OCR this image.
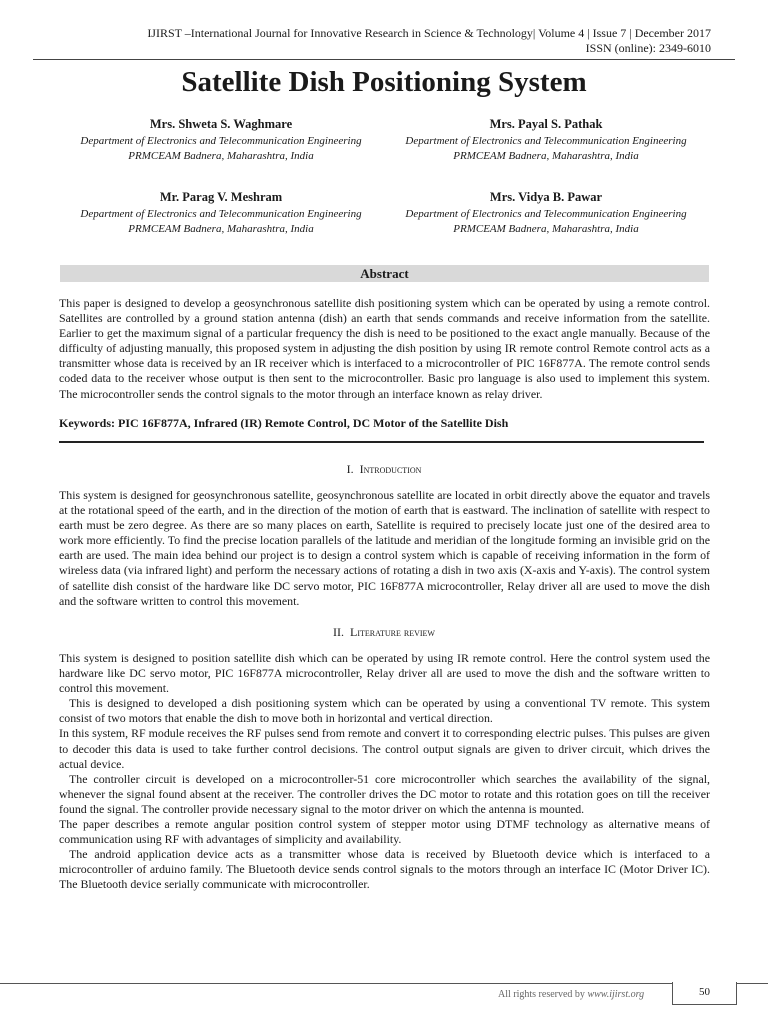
IJIRST –International Journal for Innovative Research in Science & Technology| Volume 4 | Issue 7 | December 2017
ISSN (online): 2349-6010
Satellite Dish Positioning System
Mrs. Shweta S. Waghmare
Department of Electronics and Telecommunication Engineering
PRMCEAM Badnera, Maharashtra, India
Mrs. Payal S. Pathak
Department of Electronics and Telecommunication Engineering
PRMCEAM Badnera, Maharashtra, India
Mr. Parag V. Meshram
Department of Electronics and Telecommunication Engineering
PRMCEAM Badnera, Maharashtra, India
Mrs. Vidya B. Pawar
Department of Electronics and Telecommunication Engineering
PRMCEAM Badnera, Maharashtra, India
Abstract

This paper is designed to develop a geosynchronous satellite dish positioning system which can be operated by using a remote control. Satellites are controlled by a ground station antenna (dish) an earth that sends commands and receive information from the satellite. Earlier to get the maximum signal of a particular frequency the dish is need to be positioned to the exact angle manually. Because of the difficulty of adjusting manually, this proposed system in adjusting the dish position by using IR remote control Remote control acts as a transmitter whose data is received by an IR receiver which is interfaced to a microcontroller of PIC 16F877A. The remote control sends coded data to the receiver whose output is then sent to the microcontroller. Basic pro language is also used to implement this system. The microcontroller sends the control signals to the motor through an interface known as relay driver.

Keywords: PIC 16F877A, Infrared (IR) Remote Control, DC Motor of the Satellite Dish
I. Introduction

This system is designed for geosynchronous satellite, geosynchronous satellite are located in orbit directly above the equator and travels at the rotational speed of the earth, and in the direction of the motion of earth that is eastward. The inclination of satellite with respect to earth must be zero degree. As there are so many places on earth, Satellite is required to precisely locate just one of the desired area to work more efficiently. To find the precise location parallels of the latitude and meridian of the longitude forming an invisible grid on the earth are used. The main idea behind our project is to design a control system which is capable of receiving information in the form of wireless data (via infrared light) and perform the necessary actions of rotating a dish in two axis (X-axis and Y-axis). The control system of satellite dish consist of the hardware like DC servo motor, PIC 16F877A microcontroller, Relay driver all are used to move the dish and the software written to control this movement.

II. Literature review

This system is designed to position satellite dish which can be operated by using IR remote control. Here the control system used the hardware like DC servo motor, PIC 16F877A microcontroller, Relay driver all are used to move the dish and the software written to control this movement.

This is designed to developed a dish positioning system which can be operated by using a conventional TV remote. This system consist of two motors that enable the dish to move both in horizontal and vertical direction.

In this system, RF module receives the RF pulses send from remote and convert it to corresponding electric pulses. This pulses are given to decoder this data is used to take further control decisions. The control output signals are given to driver circuit, which drives the actual device.

The controller circuit is developed on a microcontroller-51 core microcontroller which searches the availability of the signal, whenever the signal found absent at the receiver. The controller drives the DC motor to rotate and this rotation goes on till the receiver found the signal. The controller provide necessary signal to the motor driver on which the antenna is mounted.

The paper describes a remote angular position control system of stepper motor using DTMF technology as alternative means of communication using RF with advantages of simplicity and availability.

The android application device acts as a transmitter whose data is received by Bluetooth device which is interfaced to a microcontroller of arduino family. The Bluetooth device sends control signals to the motors through an interface IC (Motor Driver IC). The Bluetooth device serially communicate with microcontroller.

All rights reserved by www.ijirst.org	50
